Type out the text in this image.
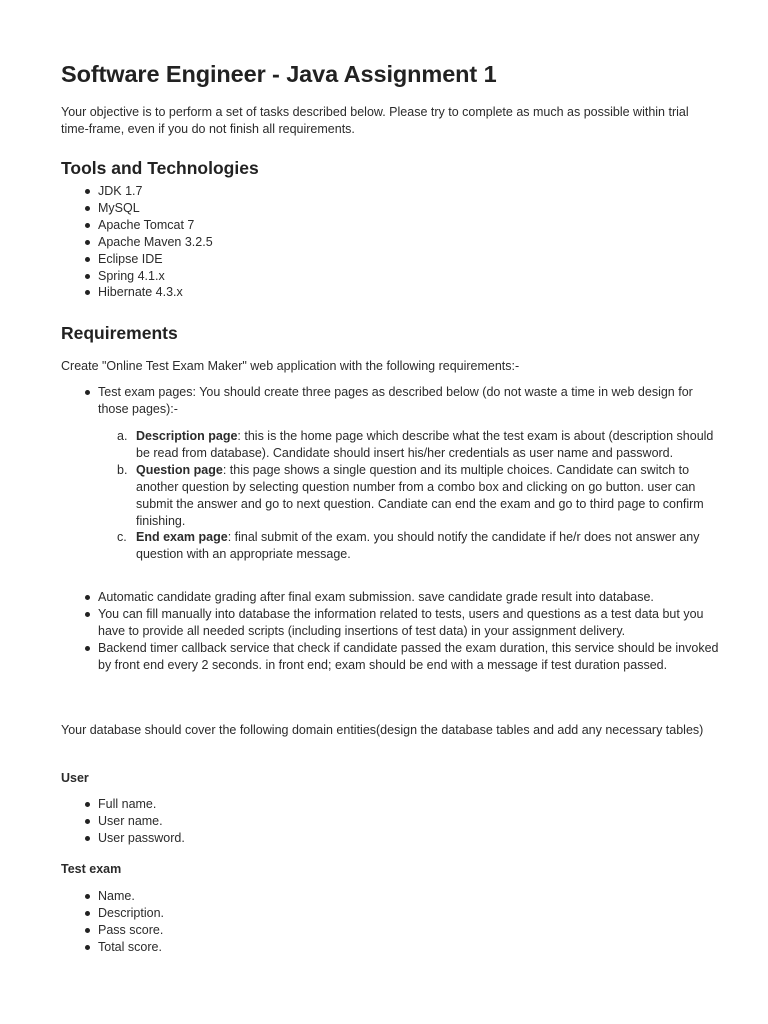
Software Engineer - Java Assignment 1

Your objective is to perform a set of tasks described below. Please try to complete as much as possible within trial time-frame, even if you do not finish all requirements.

Tools and Technologies
JDK 1.7
MySQL
Apache Tomcat 7
Apache Maven 3.2.5
Eclipse IDE
Spring 4.1.x
Hibernate 4.3.x
Requirements

Create "Online Test Exam Maker" web application with the following requirements:-

Test exam pages: You should create three pages as described below (do not waste a time in web design for those pages):-
a. Description page: this is the home page which describe what the test exam is about (description should be read from database). Candidate should insert his/her credentials as user name and password.
b. Question page: this page shows a single question and its multiple choices. Candidate can switch to another question by selecting question number from a combo box and clicking on go button. user can submit the answer and go to next question. Candiate can end the exam and go to third page to confirm finishing.
c. End exam page: final submit of the exam. you should notify the candidate if he/r does not answer any question with an appropriate message.
Automatic candidate grading after final exam submission. save candidate grade result into database.
You can fill manually into database the information related to tests, users and questions as a test data but you have to provide all needed scripts (including insertions of test data) in your assignment delivery.
Backend timer callback service that check if candidate passed the exam duration, this service should be invoked by front end every 2 seconds. in front end; exam should be end with a message if test duration passed.

Your database should cover the following domain entities(design the database tables and add any necessary tables)

User

Full name.
User name.
User password.

Test exam

Name.
Description.
Pass score.
Total score.
